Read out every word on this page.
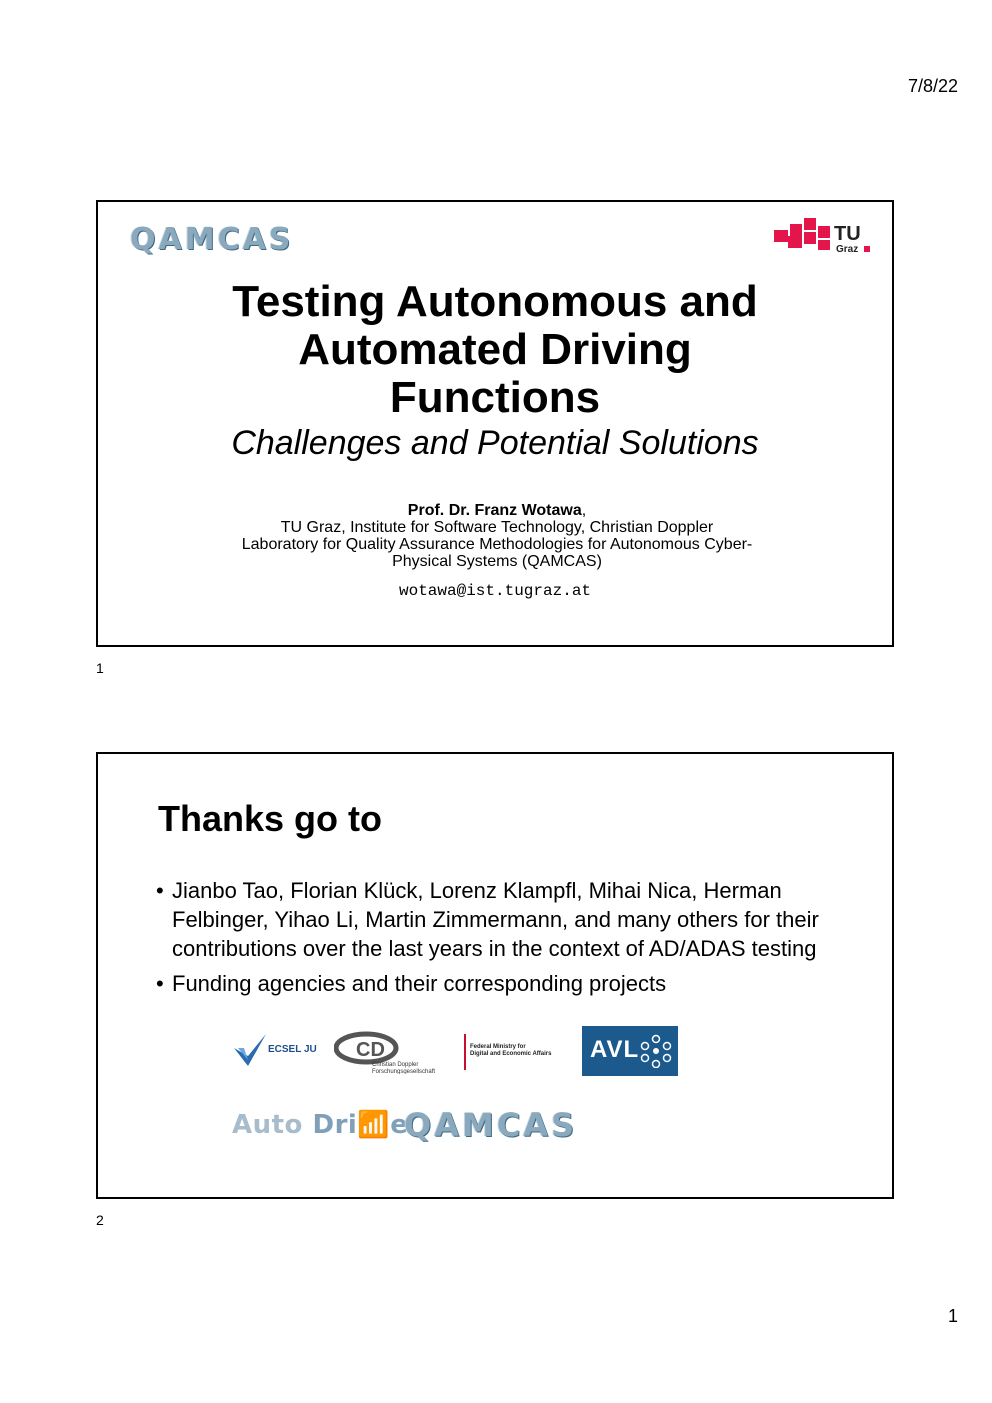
7/8/22
QAMCAS	TU
Graz
Testing Autonomous and
Automated Driving
Functions
Challenges and Potential Solutions
Prof. Dr. Franz Wotawa,
TU Graz, Institute for Software Technology, Christian Doppler
Laboratory for Quality Assurance Methodologies for Autonomous Cyber-
Physical Systems (QAMCAS)
wotawa@ist.tugraz.at
1
Thanks go to
• Jianbo Tao, Florian Klück, Lorenz Klampfl, Mihai Nica, Herman Felbinger, Yihao Li, Martin Zimmermann, and many others for their contributions over the last years in the context of AD/ADAS testing
• Funding agencies and their corresponding projects
ECSEL JU CD
Christian Doppler
Forschungsgesellschaft
Federal Ministry for
Digital and Economic Affairs AVL
Auto Dri📶e
QAMCAS
2
1
